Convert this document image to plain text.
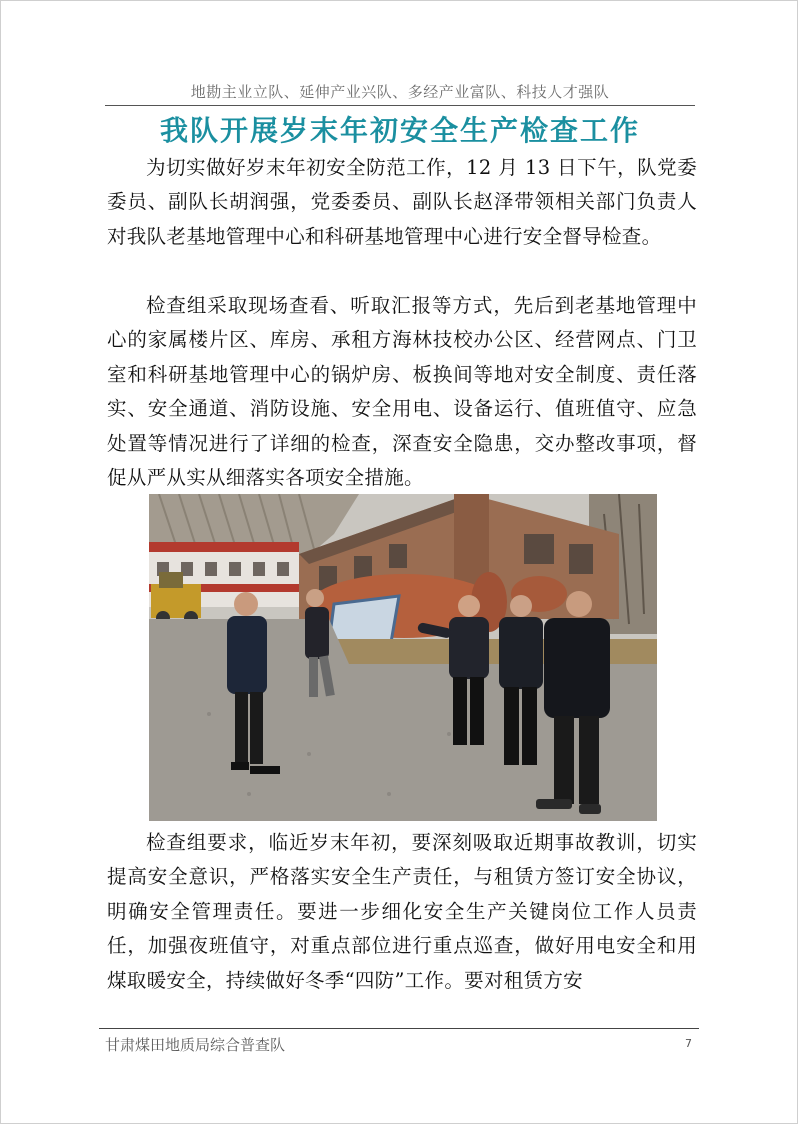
地勘主业立队、延伸产业兴队、多经产业富队、科技人才强队
我队开展岁末年初安全生产检查工作

为切实做好岁末年初安全防范工作，12 月 13 日下午，队党委委员、副队长胡润强，党委委员、副队长赵泽带领相关部门负责人对我队老基地管理中心和科研基地管理中心进行安全督导检查。

检查组采取现场查看、听取汇报等方式，先后到老基地管理中心的家属楼片区、库房、承租方海林技校办公区、经营网点、门卫室和科研基地管理中心的锅炉房、板换间等地对安全制度、责任落实、安全通道、消防设施、安全用电、设备运行、值班值守、应急处置等情况进行了详细的检查，深查安全隐患，交办整改事项，督促从严从实从细落实各项安全措施。

检查组要求，临近岁末年初，要深刻吸取近期事故教训，切实提高安全意识，严格落实安全生产责任，与租赁方签订安全协议，明确安全管理责任。要进一步细化安全生产关键岗位工作人员责任，加强夜班值守，对重点部位进行重点巡查，做好用电安全和用煤取暖安全，持续做好冬季“四防”工作。要对租赁方安

甘肃煤田地质局综合普查队	7
